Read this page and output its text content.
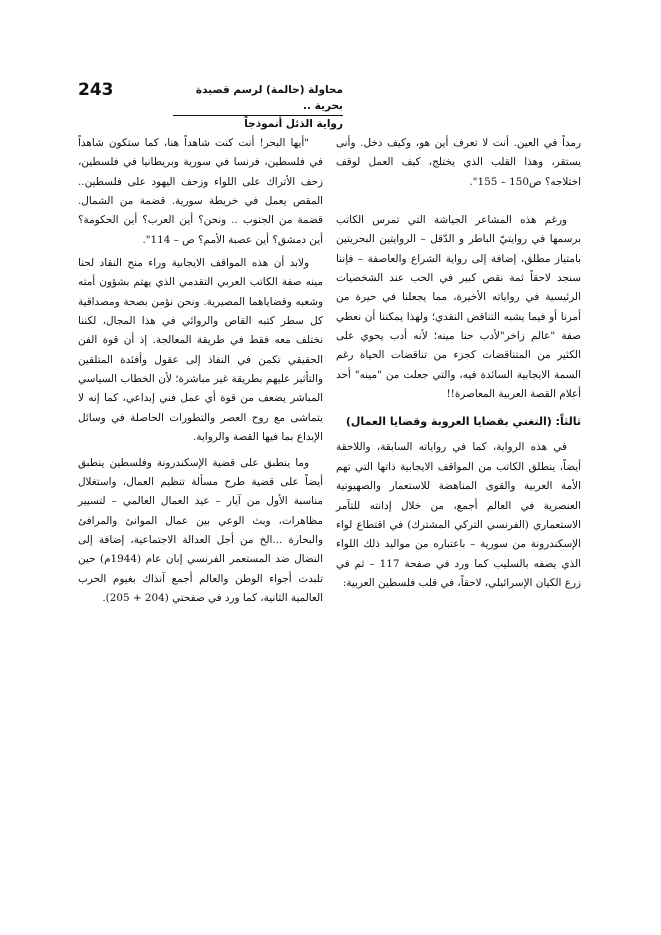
243	محاولة (حالمة) لرسم قصيدة بحرية ..
رواية الذئل أنموذجاً

رمداً في العين. أنت لا تعرف أين هو، وكيف دخل. وأنى يستقر، وهذا القلب الذي يختلج، كيف العمل لوقف اختلاجه؟ ص150 – 155".

ورغم هذه المشاعر الجياشة التي تمرس الكاتب برسمها في روايتيّ الباطر و الدّقل – الروايتين البحريتين بامتياز مطلق، إضافة إلى رواية الشراع والعاصفة – فإننا سنجد لاحقاً ثمة نقص كبير في الحب عند الشخصيات الرئيسية في رواياته الأخيرة، مما يجعلنا في حيرة من أمرنا أو فيما يشبه التناقض النقدي؛ ولهذا يمكننا أن نعطي صفة "عالم زاخر"لأدب حنا مينه؛ لأنه أدب يحوي على الكثير من المتناقضات كجزء من تناقضات الحياة رغم السمة الايجابية السائدة فيه، والتي جعلت من "مينه" أحد أعلام القصة العربية المعاصرة!!

ثالثاً: (التغني بقضايا العروبة وقضايا العمال)

في هذه الرواية، كما في رواياته السابقة، واللاحقة أيضاً، ينطلق الكاتب من المواقف الايجابية ذاتها التي تهم الأمة العربية والقوى المناهضة للاستعمار والصهيونية العنصرية في العالم أجمع، من خلال إدانته للتآمر الاستعماري (الفرنسي التركي المشترك) في اقتطاع لواء الإسكندرونة من سورية – باعتباره من مواليد ذلك اللواء الذي يصفه بالسليب كما ورد في صفحة 117 – ثم في زرع الكيان الإسرائيلي، لاحقاً، في قلب فلسطين العربية:

"أيها البحر! أنت كنت شاهداً هنا، كما ستكون شاهداً في فلسطين، فرنسا في سورية وبريطانيا في فلسطين، زحف الأتراك على اللواء وزحف اليهود على فلسطين.. المقص يعمل في خريطة سورية. قضمة من الشمال. قضمة من الجنوب .. ونحن؟ أين العرب؟ أين الحكومة؟ أين دمشق؟ أين عصبة الأمم؟ ص – 114".

ولابد أن هذه المواقف الايجابية وراء منح النقاد لحنا مينه صفة الكاتب العربي التقدمي الذي يهتم بشؤون أمته وشعبه وقضاياهما المصيرية. ونحن نؤمن بصحة ومصداقية كل سطر كتبه القاص والروائي في هذا المجال، لكننا نختلف معه فقط في طريقة المعالجة. إذ أن قوة الفن الحقيقي تكمن في النفاذ إلى عقول وأفئدة المتلقين والتأثير عليهم بطريقة غير مباشرة؛ لأن الخطاب السياسي المباشر يضعف من قوة أي عمل فني إبداعي، كما إنه لا يتماشى مع روح العصر والتطورات الحاصلة في وسائل الإبداع بما فيها القصة والرواية.

وما ينطبق على قضية الإسكندرونة وفلسطين ينطبق أيضاً على قضية طرح مسألة تنظيم العمال، واستغلال مناسبة الأول من آيار – عيد العمال العالمي – لتسيير مظاهرات، وبث الوعي بين عمال الموانئ والمرافئ والبحارة ...الخ من أجل العدالة الاجتماعية، إضافة إلى النضال ضد المستعمر الفرنسي إبان عام (1944م) حين تلبدت أجواء الوطن والعالم أجمع آنذاك بغيوم الحرب العالمية الثانية، كما ورد في صفحتي (204 + 205).
